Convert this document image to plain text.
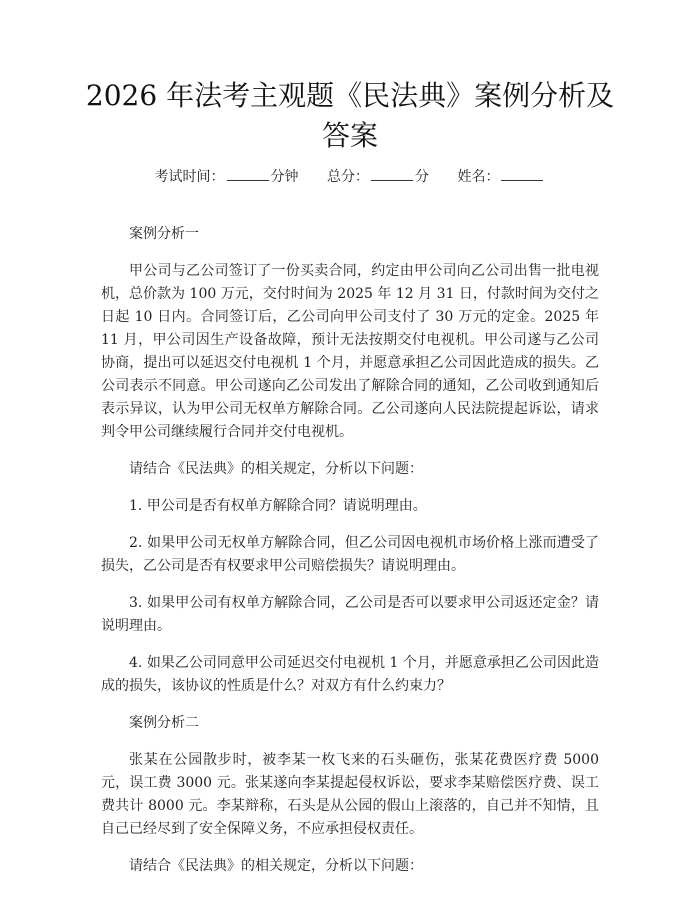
2026 年法考主观题《民法典》案例分析及答案
考试时间：	分钟 总分：	分 姓名：

案例分析一

甲公司与乙公司签订了一份买卖合同，约定由甲公司向乙公司出售一批电视机，总价款为 100 万元，交付时间为 2025 年 12 月 31 日，付款时间为交付之日起 10 日内。合同签订后，乙公司向甲公司支付了 30 万元的定金。2025 年 11 月，甲公司因生产设备故障，预计无法按期交付电视机。甲公司遂与乙公司协商，提出可以延迟交付电视机 1 个月，并愿意承担乙公司因此造成的损失。乙公司表示不同意。甲公司遂向乙公司发出了解除合同的通知，乙公司收到通知后表示异议，认为甲公司无权单方解除合同。乙公司遂向人民法院提起诉讼，请求判令甲公司继续履行合同并交付电视机。

请结合《民法典》的相关规定，分析以下问题：

1. 甲公司是否有权单方解除合同？请说明理由。

2. 如果甲公司无权单方解除合同，但乙公司因电视机市场价格上涨而遭受了损失，乙公司是否有权要求甲公司赔偿损失？请说明理由。

3. 如果甲公司有权单方解除合同，乙公司是否可以要求甲公司返还定金？请说明理由。

4. 如果乙公司同意甲公司延迟交付电视机 1 个月，并愿意承担乙公司因此造成的损失，该协议的性质是什么？对双方有什么约束力？

案例分析二

张某在公园散步时，被李某一枚飞来的石头砸伤，张某花费医疗费 5000 元，误工费 3000 元。张某遂向李某提起侵权诉讼，要求李某赔偿医疗费、误工费共计 8000 元。李某辩称，石头是从公园的假山上滚落的，自己并不知情，且自己已经尽到了安全保障义务，不应承担侵权责任。

请结合《民法典》的相关规定，分析以下问题：
